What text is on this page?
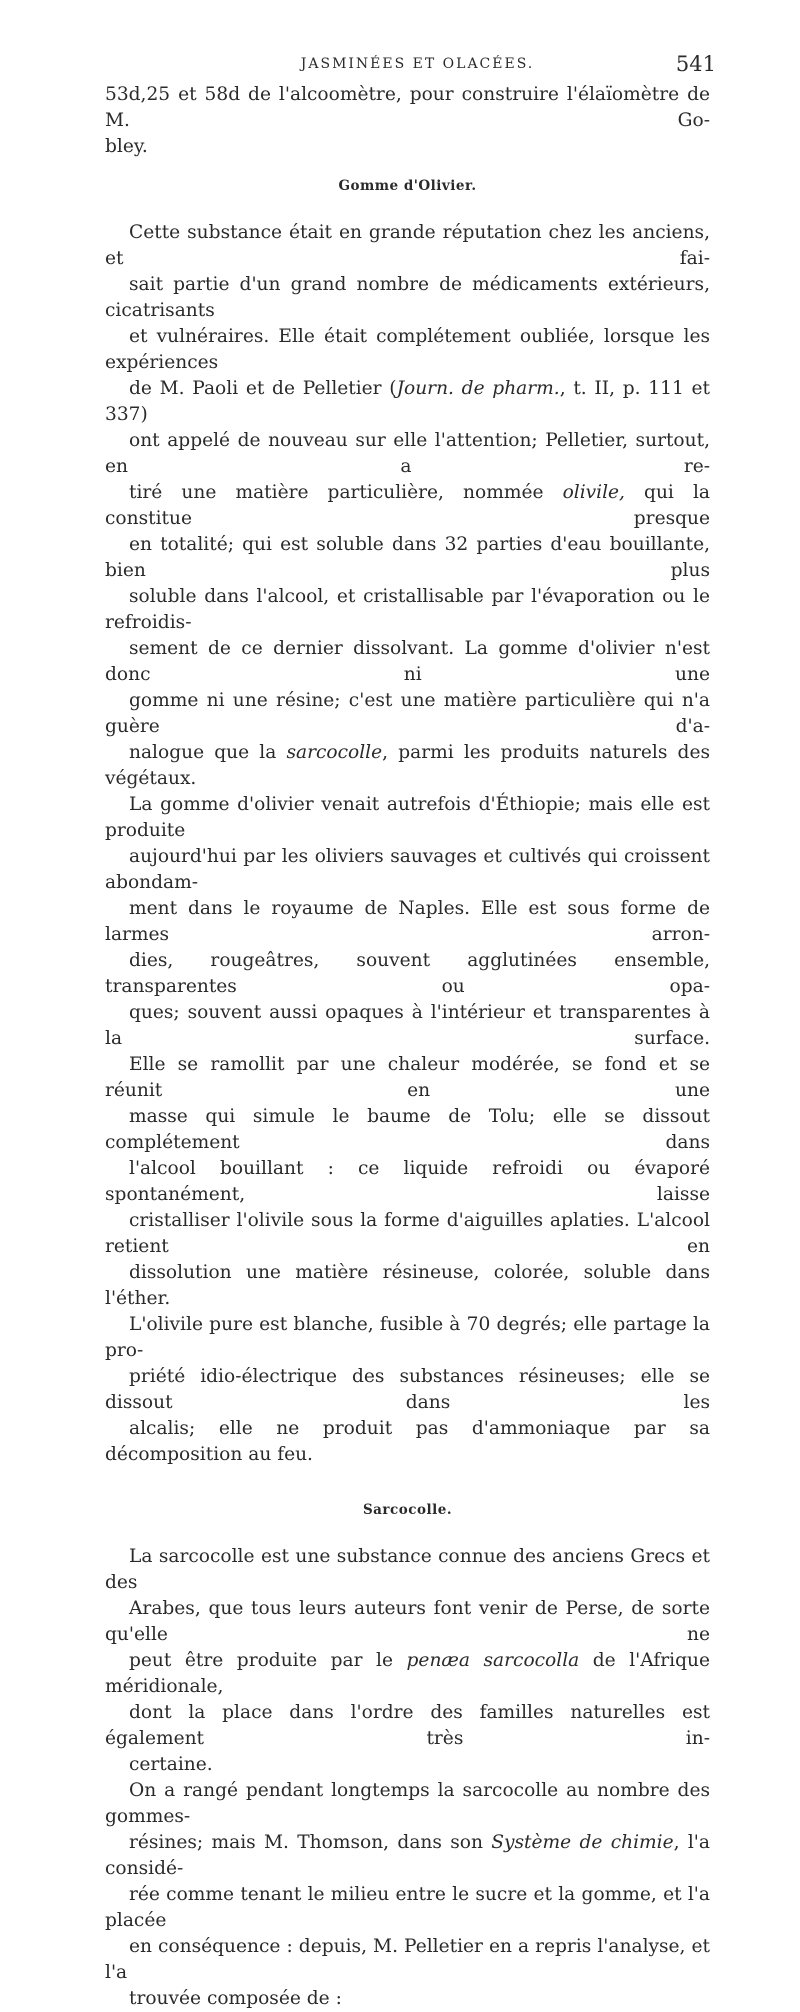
JASMINÉES ET OLACÉES.	541

53d,25 et 58d de l'alcoomètre, pour construire l'élaïomètre de M. Go-
bley.

Gomme d'Olivier.

Cette substance était en grande réputation chez les anciens, et fai-
sait partie d'un grand nombre de médicaments extérieurs, cicatrisants
et vulnéraires. Elle était complétement oubliée, lorsque les expériences
de M. Paoli et de Pelletier (Journ. de pharm., t. II, p. 111 et 337)
ont appelé de nouveau sur elle l'attention; Pelletier, surtout, en a re-
tiré une matière particulière, nommée olivile, qui la constitue presque
en totalité; qui est soluble dans 32 parties d'eau bouillante, bien plus
soluble dans l'alcool, et cristallisable par l'évaporation ou le refroidis-
sement de ce dernier dissolvant. La gomme d'olivier n'est donc ni une
gomme ni une résine; c'est une matière particulière qui n'a guère d'a-
nalogue que la sarcocolle, parmi les produits naturels des végétaux.

La gomme d'olivier venait autrefois d'Éthiopie; mais elle est produite
aujourd'hui par les oliviers sauvages et cultivés qui croissent abondam-
ment dans le royaume de Naples. Elle est sous forme de larmes arron-
dies, rougeâtres, souvent agglutinées ensemble, transparentes ou opa-
ques; souvent aussi opaques à l'intérieur et transparentes à la surface.
Elle se ramollit par une chaleur modérée, se fond et se réunit en une
masse qui simule le baume de Tolu; elle se dissout complétement dans
l'alcool bouillant : ce liquide refroidi ou évaporé spontanément, laisse
cristalliser l'olivile sous la forme d'aiguilles aplaties. L'alcool retient en
dissolution une matière résineuse, colorée, soluble dans l'éther.

L'olivile pure est blanche, fusible à 70 degrés; elle partage la pro-
priété idio-électrique des substances résineuses; elle se dissout dans les
alcalis; elle ne produit pas d'ammoniaque par sa décomposition au feu.

Sarcocolle.

La sarcocolle est une substance connue des anciens Grecs et des
Arabes, que tous leurs auteurs font venir de Perse, de sorte qu'elle ne
peut être produite par le penæa sarcocolla de l'Afrique méridionale,
dont la place dans l'ordre des familles naturelles est également très in-
certaine.

On a rangé pendant longtemps la sarcocolle au nombre des gommes-
résines; mais M. Thomson, dans son Système de chimie, l'a considé-
rée comme tenant le milieu entre le sucre et la gomme, et l'a placée
en conséquence : depuis, M. Pelletier en a repris l'analyse, et l'a
trouvée composée de :
